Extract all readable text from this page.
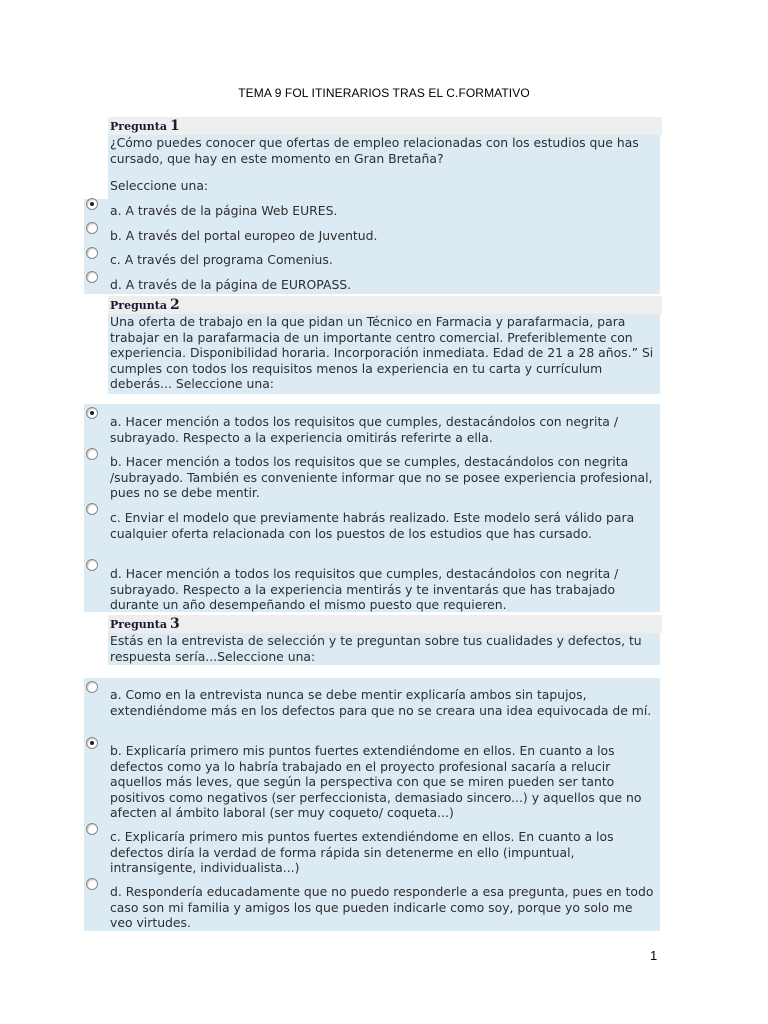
TEMA 9 FOL ITINERARIOS TRAS EL C.FORMATIVO
Pregunta 1
¿Cómo puedes conocer que ofertas de empleo relacionadas con los estudios que has cursado, que hay en este momento en Gran Bretaña?
Seleccione una:
a. A través de la página Web EURES.
b. A través del portal europeo de Juventud.
c. A través del programa Comenius.
d. A través de la página de EUROPASS.
Pregunta 2
Una oferta de trabajo en la que pidan un Técnico en Farmacia y parafarmacia, para trabajar en la parafarmacia de un importante centro comercial. Preferiblemente con experiencia. Disponibilidad horaria. Incorporación inmediata. Edad de 21 a 28 años.” Si cumples con todos los requisitos menos la experiencia en tu carta y currículum deberás... Seleccione una:
a. Hacer mención a todos los requisitos que cumples, destacándolos con negrita / subrayado. Respecto a la experiencia omitirás referirte a ella.
b. Hacer mención a todos los requisitos que se cumples, destacándolos con negrita /subrayado. También es conveniente informar que no se posee experiencia profesional, pues no se debe mentir.
c. Enviar el modelo que previamente habrás realizado. Este modelo será válido para cualquier oferta relacionada con los puestos de los estudios que has cursado.
d. Hacer mención a todos los requisitos que cumples, destacándolos con negrita / subrayado. Respecto a la experiencia mentirás y te inventarás que has trabajado durante un año desempeñando el mismo puesto que requieren.
Pregunta 3
Estás en la entrevista de selección y te preguntan sobre tus cualidades y defectos, tu respuesta sería...Seleccione una:
a. Como en la entrevista nunca se debe mentir explicaría ambos sin tapujos, extendiéndome más en los defectos para que no se creara una idea equivocada de mí.
b. Explicaría primero mis puntos fuertes extendiéndome en ellos. En cuanto a los defectos como ya lo habría trabajado en el proyecto profesional sacaría a relucir aquellos más leves, que según la perspectiva con que se miren pueden ser tanto positivos como negativos (ser perfeccionista, demasiado sincero...) y aquellos que no afecten al ámbito laboral (ser muy coqueto/ coqueta...)
c. Explicaría primero mis puntos fuertes extendiéndome en ellos. En cuanto a los defectos diría la verdad de forma rápida sin detenerme en ello (impuntual, intransigente, individualista...)
d. Respondería educadamente que no puedo responderle a esa pregunta, pues en todo caso son mi familia y amigos los que pueden indicarle como soy, porque yo solo me veo virtudes.
1
